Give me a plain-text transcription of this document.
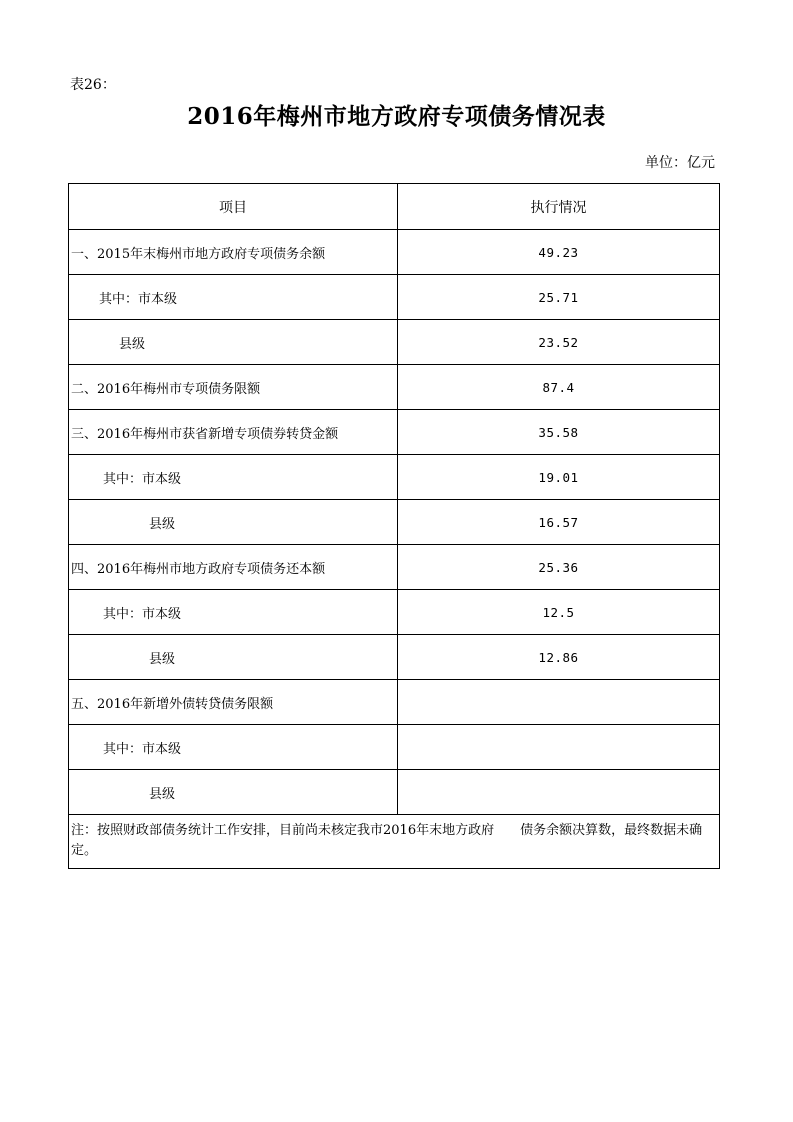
表26：
2016年梅州市地方政府专项债务情况表
单位：亿元
项目	执行情况
一、2015年末梅州市地方政府专项债务余额	49.23
其中：市本级	25.71
县级	23.52
二、2016年梅州市专项债务限额	87.4
三、2016年梅州市获省新增专项债券转贷金额	35.58
其中：市本级	19.01
县级	16.57
四、2016年梅州市地方政府专项债务还本额	25.36
其中：市本级	12.5
县级	12.86
五、2016年新增外债转贷债务限额	
其中：市本级	
县级	
注：按照财政部债务统计工作安排，目前尚未核定我市2016年末地方政府　　债务余额决算数，最终数据未确定。	
